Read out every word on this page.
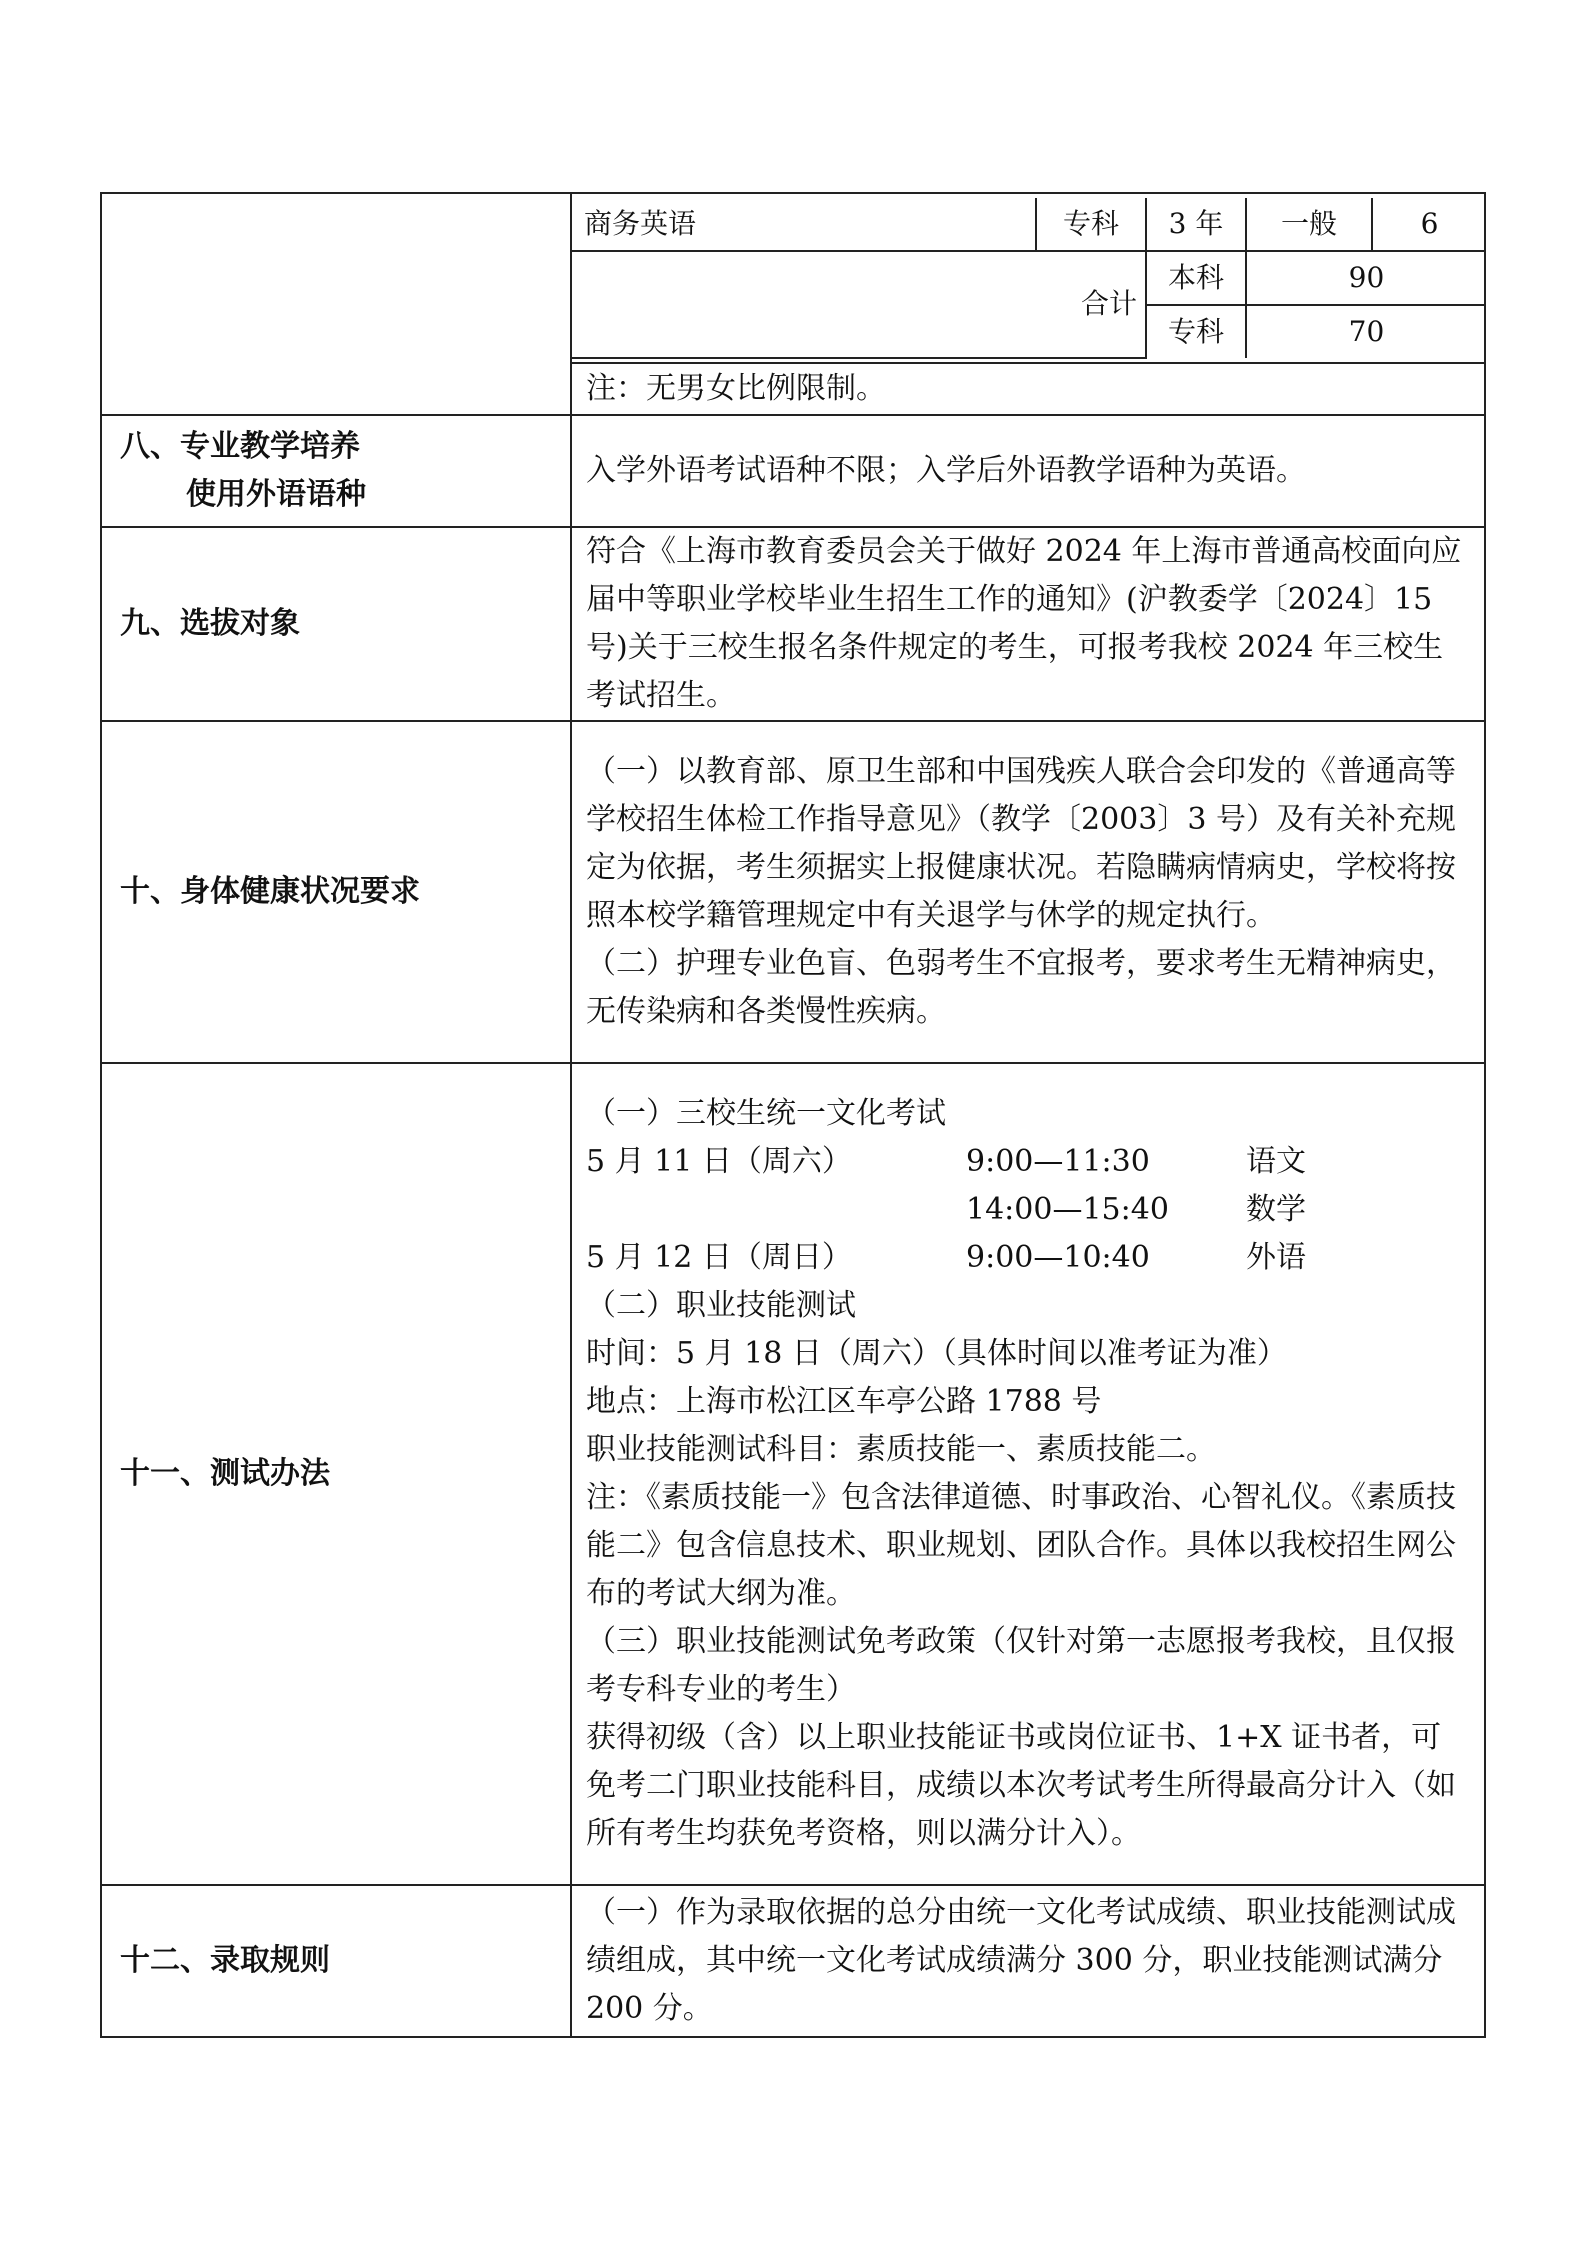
商务英语	专科	3 年	一般	6
合计	本科	90
专科	70

注：无男女比例限制。

八、专业教学培养
使用外语语种
	入学外语考试语种不限；入学后外语教学语种为英语。
九、选拔对象	符合《上海市教育委员会关于做好 2024 年上海市普通高校面向应届中等职业学校毕业生招生工作的通知》(沪教委学〔2024〕15 号)关于三校生报名条件规定的考生，可报考我校 2024 年三校生考试招生。
十、身体健康状况要求	
（一）以教育部、原卫生部和中国残疾人联合会印发的《普通高等学校招生体检工作指导意见》（教学〔2003〕3 号）及有关补充规定为依据，考生须据实上报健康状况。若隐瞒病情病史，学校将按照本校学籍管理规定中有关退学与休学的规定执行。
（二）护理专业色盲、色弱考生不宜报考，要求考生无精神病史，无传染病和各类慢性疾病。

十一、测试办法	
（一）三校生统一文化考试
5 月 11 日（周六）	9:00—11:30	语文
14:00—15:40	数学
5 月 12 日（周日）	9:00—10:40	外语
（二）职业技能测试
时间：5 月 18 日（周六）（具体时间以准考证为准）
地点：上海市松江区车亭公路 1788 号
职业技能测试科目：素质技能一、素质技能二。
注：《素质技能一》包含法律道德、时事政治、心智礼仪。《素质技能二》包含信息技术、职业规划、团队合作。具体以我校招生网公布的考试大纲为准。
（三）职业技能测试免考政策（仅针对第一志愿报考我校，且仅报考专科专业的考生）
获得初级（含）以上职业技能证书或岗位证书、1+X 证书者，可免考二门职业技能科目，成绩以本次考试考生所得最高分计入（如所有考生均获免考资格，则以满分计入）。

十二、录取规则	（一）作为录取依据的总分由统一文化考试成绩、职业技能测试成绩组成，其中统一文化考试成绩满分 300 分，职业技能测试满分 200 分。
